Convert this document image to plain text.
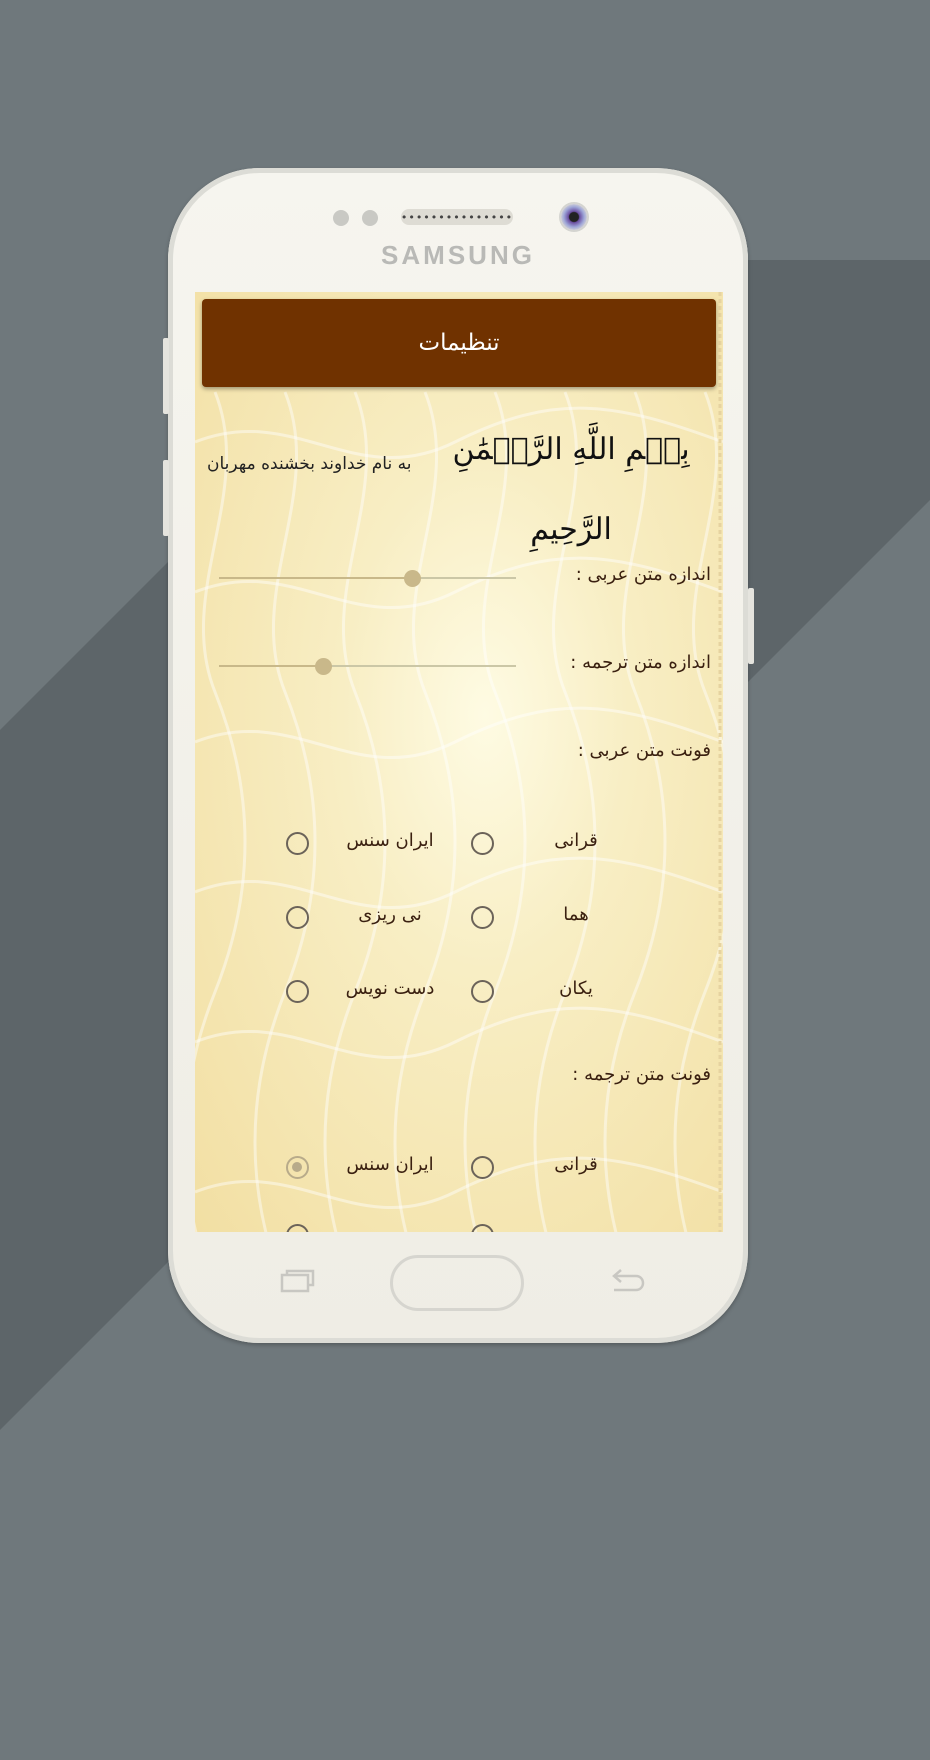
•••••••••••••••
SAMSUNG
تنظیمات
بِسۡمِ اللَّهِ الرَّحۡمَٰنِ
الرَّحِیمِ
به نام خداوند بخشنده مهربان
اندازه متن عربی :
اندازه متن ترجمه :
فونت متن عربی :
قرانی
ایران سنس
هما
نی ریزی
یکان
دست نویس
فونت متن ترجمه :
قرانی
ایران سنس
